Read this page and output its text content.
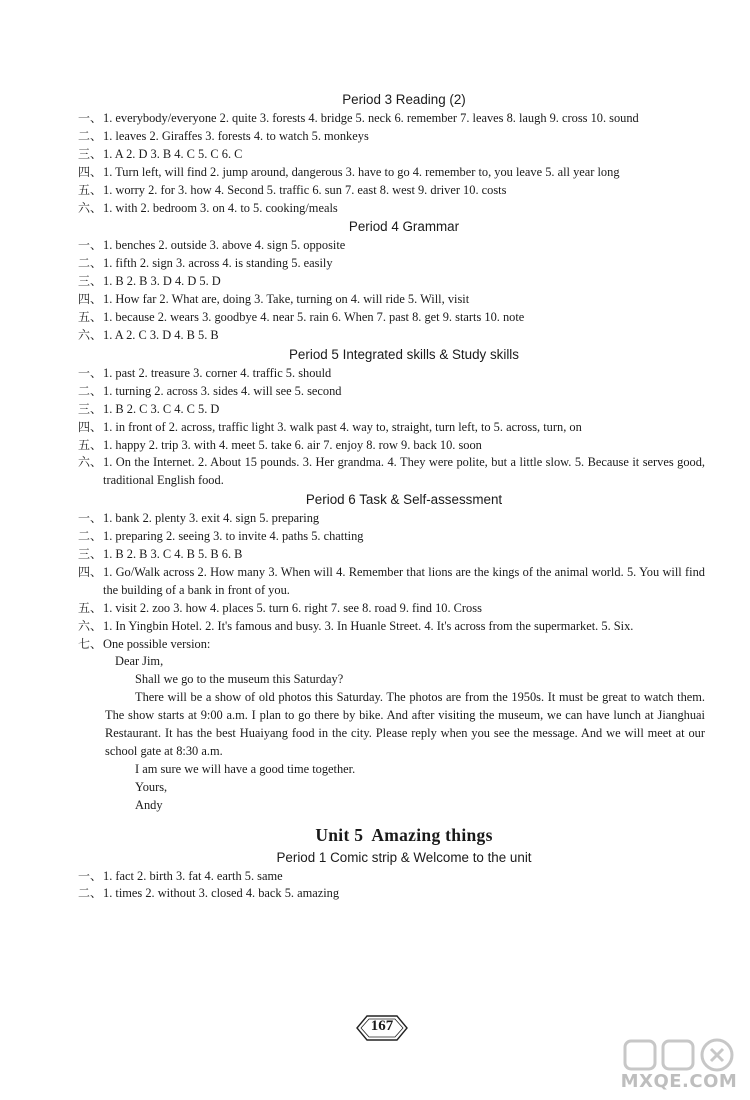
Period 3 Reading (2)
一、 1. everybody/everyone 2. quite 3. forests 4. bridge 5. neck 6. remember 7. leaves 8. laugh 9. cross 10. sound
二、 1. leaves 2. Giraffes 3. forests 4. to watch 5. monkeys
三、 1. A 2. D 3. B 4. C 5. C 6. C
四、 1. Turn left, will find 2. jump around, dangerous 3. have to go 4. remember to, you leave 5. all year long
五、 1. worry 2. for 3. how 4. Second 5. traffic 6. sun 7. east 8. west 9. driver 10. costs
六、 1. with 2. bedroom 3. on 4. to 5. cooking/meals
Period 4 Grammar
一、 1. benches 2. outside 3. above 4. sign 5. opposite
二、 1. fifth 2. sign 3. across 4. is standing 5. easily
三、 1. B 2. B 3. D 4. D 5. D
四、 1. How far 2. What are, doing 3. Take, turning on 4. will ride 5. Will, visit
五、 1. because 2. wears 3. goodbye 4. near 5. rain 6. When 7. past 8. get 9. starts 10. note
六、 1. A 2. C 3. D 4. B 5. B
Period 5 Integrated skills & Study skills
一、 1. past 2. treasure 3. corner 4. traffic 5. should
二、 1. turning 2. across 3. sides 4. will see 5. second
三、 1. B 2. C 3. C 4. C 5. D
四、 1. in front of 2. across, traffic light 3. walk past 4. way to, straight, turn left, to 5. across, turn, on
五、 1. happy 2. trip 3. with 4. meet 5. take 6. air 7. enjoy 8. row 9. back 10. soon
六、 1. On the Internet. 2. About 15 pounds. 3. Her grandma. 4. They were polite, but a little slow. 5. Because it serves good, traditional English food.
Period 6 Task & Self-assessment
一、 1. bank 2. plenty 3. exit 4. sign 5. preparing
二、 1. preparing 2. seeing 3. to invite 4. paths 5. chatting
三、 1. B 2. B 3. C 4. B 5. B 6. B
四、 1. Go/Walk across 2. How many 3. When will 4. Remember that lions are the kings of the animal world. 5. You will find the building of a bank in front of you.
五、 1. visit 2. zoo 3. how 4. places 5. turn 6. right 7. see 8. road 9. find 10. Cross
六、 1. In Yingbin Hotel. 2. It's famous and busy. 3. In Huanle Street. 4. It's across from the supermarket. 5. Six.
七、 One possible version:

Dear Jim,

Shall we go to the museum this Saturday?

There will be a show of old photos this Saturday. The photos are from the 1950s. It must be great to watch them. The show starts at 9:00 a.m. I plan to go there by bike. And after visiting the museum, we can have lunch at Jianghuai Restaurant. It has the best Huaiyang food in the city. Please reply when you see the message. And we will meet at our school gate at 8:30 a.m.

I am sure we will have a good time together.

Yours,

Andy

Unit 5 Amazing things
Period 1 Comic strip & Welcome to the unit
一、 1. fact 2. birth 3. fat 4. earth 5. same
二、 1. times 2. without 3. closed 4. back 5. amazing
167
MXQE.COM
